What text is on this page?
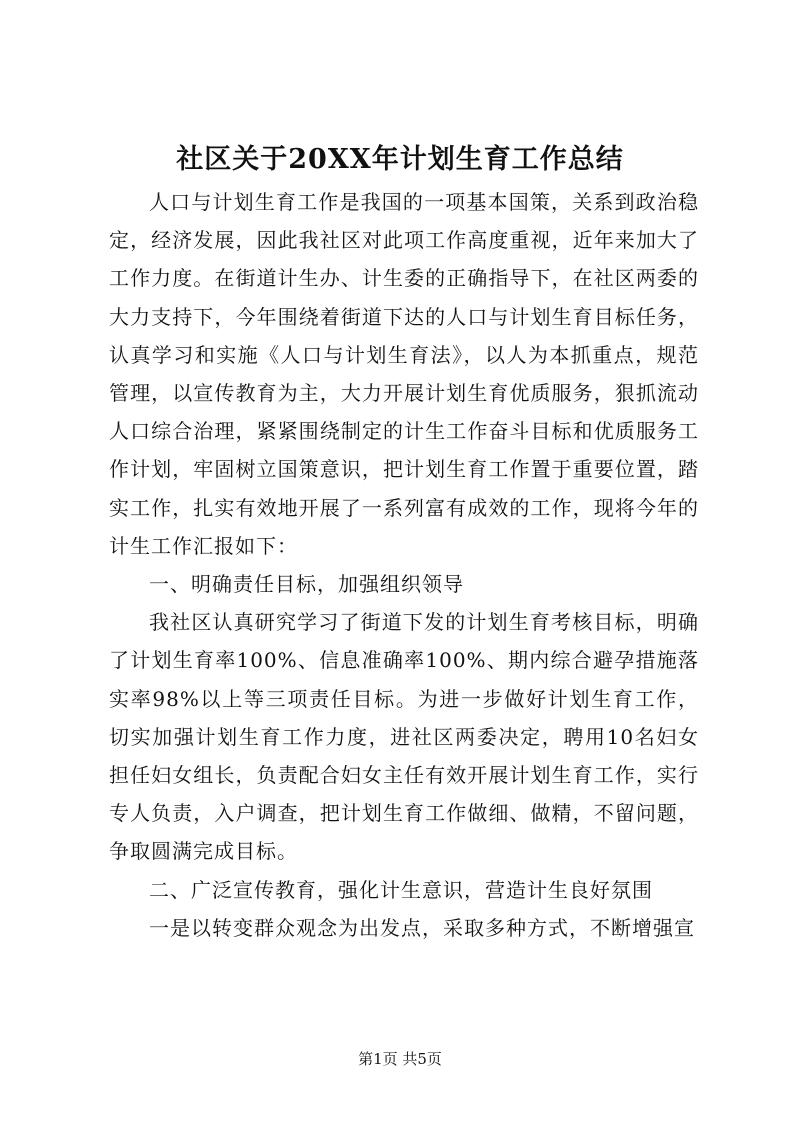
社区关于20XX年计划生育工作总结

人口与计划生育工作是我国的一项基本国策，关系到政治稳定，经济发展，因此我社区对此项工作高度重视，近年来加大了工作力度。在街道计生办、计生委的正确指导下，在社区两委的大力支持下，今年围绕着街道下达的人口与计划生育目标任务，认真学习和实施《人口与计划生育法》，以人为本抓重点，规范管理，以宣传教育为主，大力开展计划生育优质服务，狠抓流动人口综合治理，紧紧围绕制定的计生工作奋斗目标和优质服务工作计划，牢固树立国策意识，把计划生育工作置于重要位置，踏实工作，扎实有效地开展了一系列富有成效的工作，现将今年的计生工作汇报如下：

一、明确责任目标，加强组织领导

我社区认真研究学习了街道下发的计划生育考核目标，明确了计划生育率100%、信息准确率100%、期内综合避孕措施落实率98%以上等三项责任目标。为进一步做好计划生育工作，切实加强计划生育工作力度，进社区两委决定，聘用10名妇女担任妇女组长，负责配合妇女主任有效开展计划生育工作，实行专人负责，入户调查，把计划生育工作做细、做精，不留问题，争取圆满完成目标。

二、广泛宣传教育，强化计生意识，营造计生良好氛围

一是以转变群众观念为出发点，采取多种方式，不断增强宣

第1页 共5页
